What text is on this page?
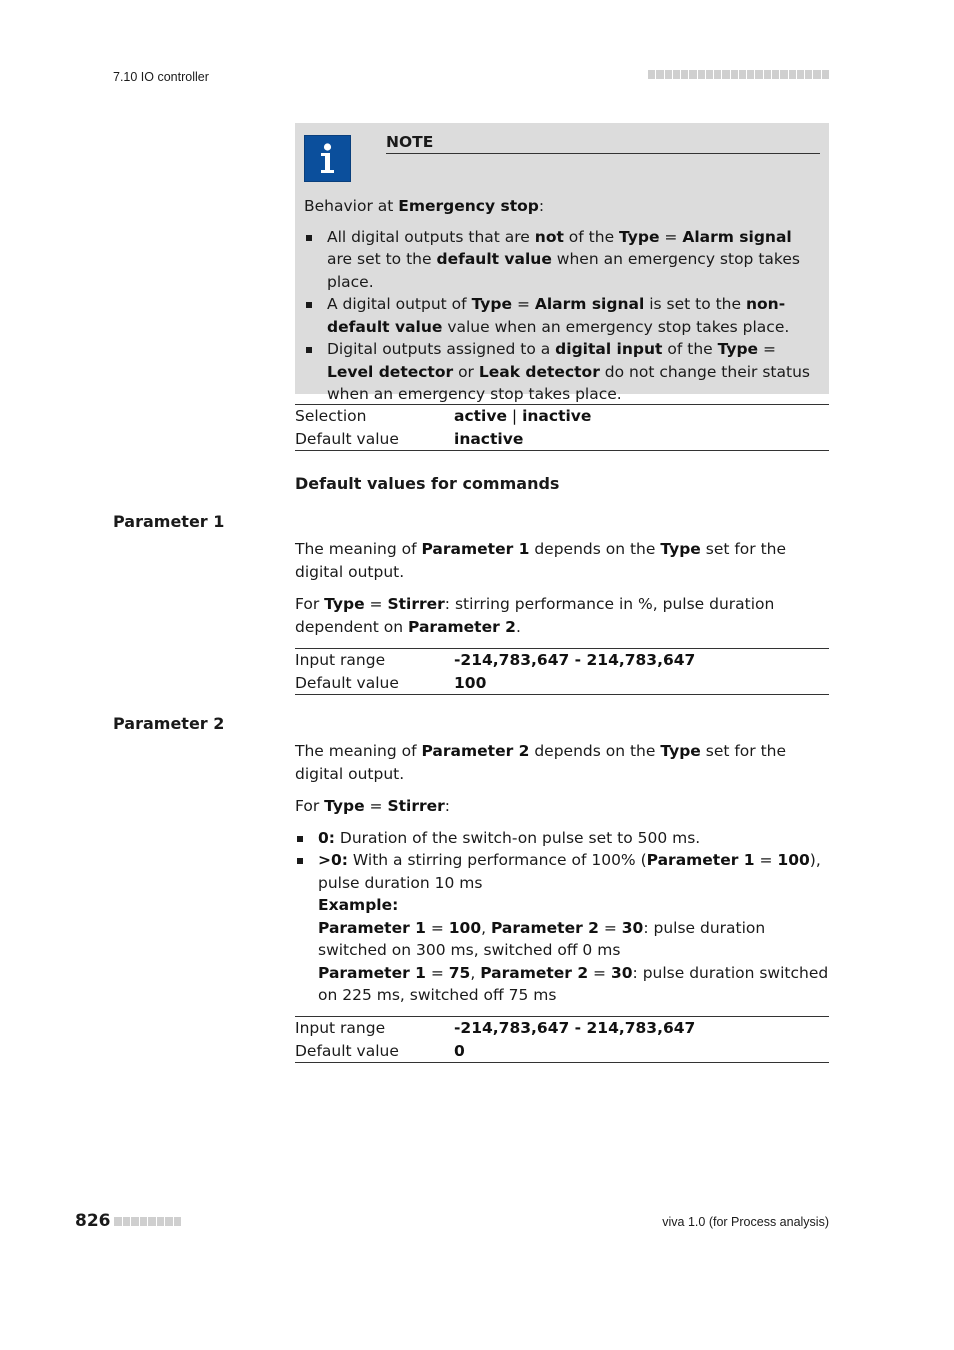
7.10 IO controller
NOTE

Behavior at Emergency stop:

All digital outputs that are not of the Type = Alarm signal are set to the default value when an emergency stop takes place.
A digital output of Type = Alarm signal is set to the non-default value value when an emergency stop takes place.
Digital outputs assigned to a digital input of the Type = Level detector or Leak detector do not change their status when an emergency stop takes place.
Selection	active | inactive
Default value	inactive
Default values for commands
Parameter 1

The meaning of Parameter 1 depends on the Type set for the digital output.

For Type = Stirrer: stirring performance in %, pulse duration dependent on Parameter 2.

Input range	-214,783,647 - 214,783,647
Default value	100
Parameter 2

The meaning of Parameter 2 depends on the Type set for the digital output.

For Type = Stirrer:

0: Duration of the switch-on pulse set to 500 ms.
>0: With a stirring performance of 100% (Parameter 1 = 100), pulse duration 10 ms
Example:
Parameter 1 = 100, Parameter 2 = 30: pulse duration switched on 300 ms, switched off 0 ms
Parameter 1 = 75, Parameter 2 = 30: pulse duration switched on 225 ms, switched off 75 ms
Input range	-214,783,647 - 214,783,647
Default value	0
826	viva 1.0 (for Process analysis)
